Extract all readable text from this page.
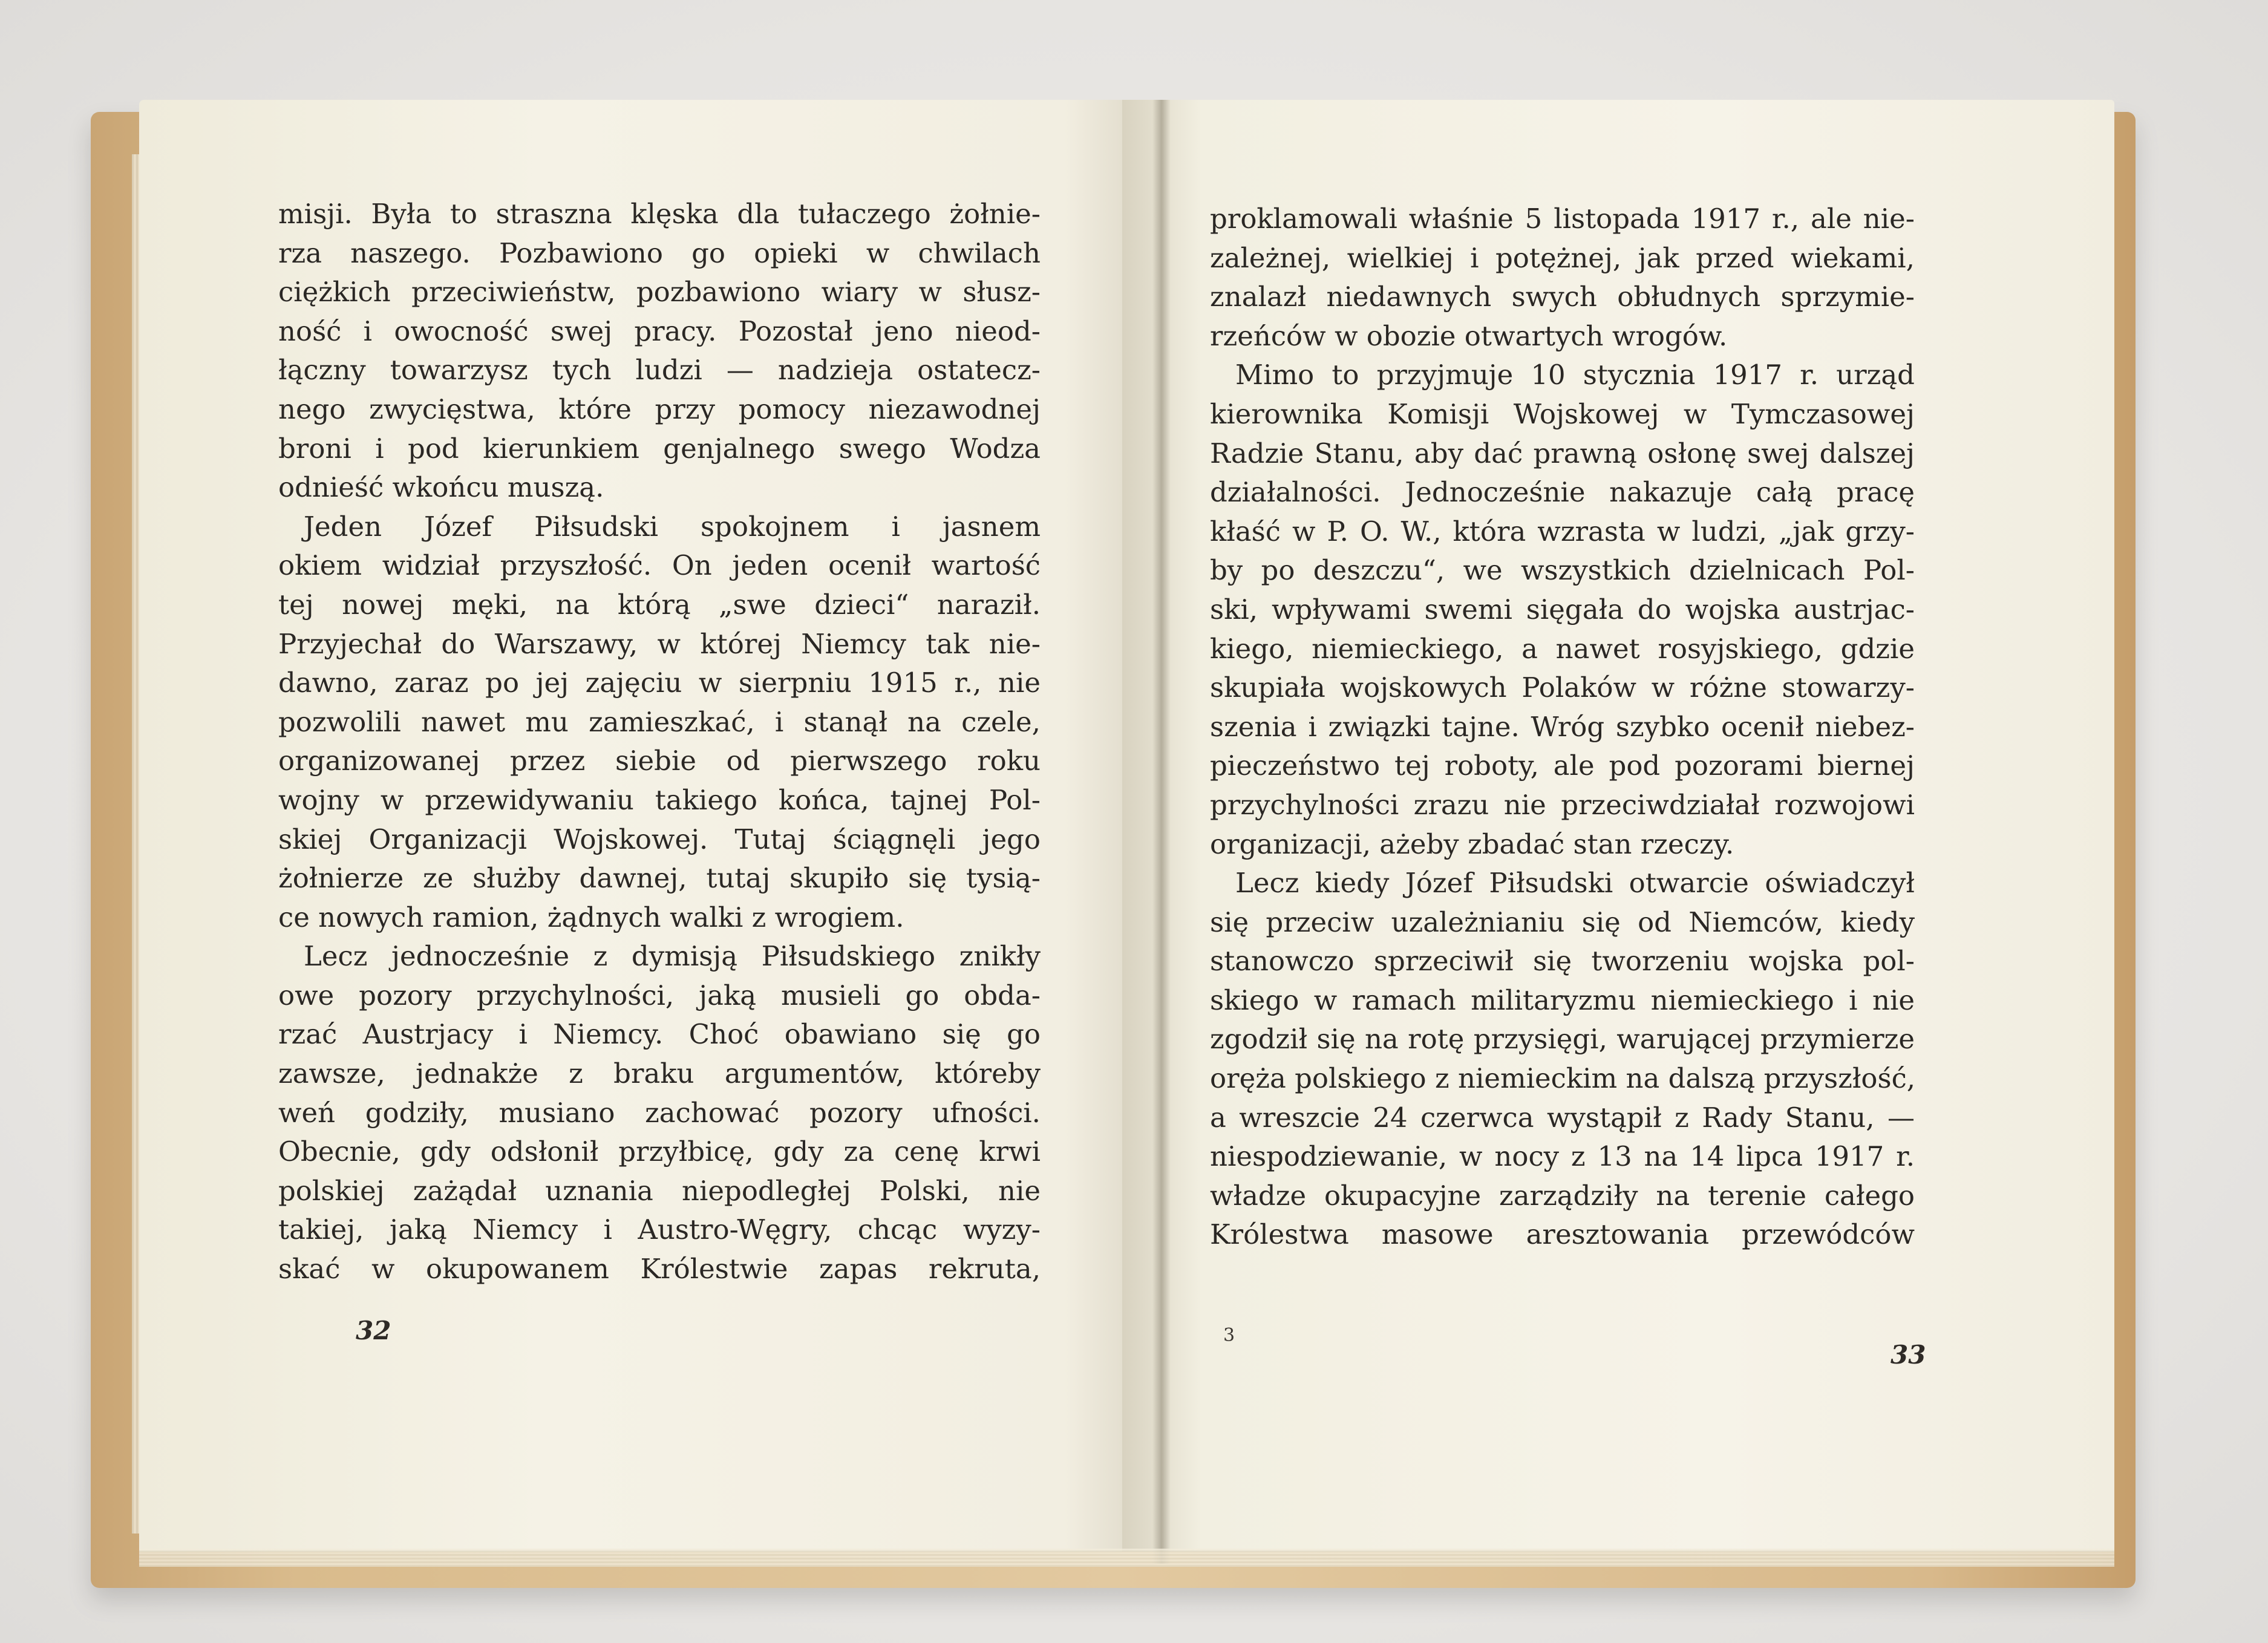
misji. Była to straszna klęska dla tułaczego żołnie-
rza naszego. Pozbawiono go opieki w chwilach
ciężkich przeciwieństw, pozbawiono wiary w słusz-
ność i owocność swej pracy. Pozostał jeno nieod-
łączny towarzysz tych ludzi — nadzieja ostatecz-
nego zwycięstwa, które przy pomocy niezawodnej
broni i pod kierunkiem genjalnego swego Wodza
odnieść wkońcu muszą.
Jeden Józef Piłsudski spokojnem i jasnem
okiem widział przyszłość. On jeden ocenił wartość
tej nowej męki, na którą „swe dzieci“ naraził.
Przyjechał do Warszawy, w której Niemcy tak nie-
dawno, zaraz po jej zajęciu w sierpniu 1915 r., nie
pozwolili nawet mu zamieszkać, i stanął na czele,
organizowanej przez siebie od pierwszego roku
wojny w przewidywaniu takiego końca, tajnej Pol-
skiej Organizacji Wojskowej. Tutaj ściągnęli jego
żołnierze ze służby dawnej, tutaj skupiło się tysią-
ce nowych ramion, żądnych walki z wrogiem.
Lecz jednocześnie z dymisją Piłsudskiego znikły
owe pozory przychylności, jaką musieli go obda-
rzać Austrjacy i Niemcy. Choć obawiano się go
zawsze, jednakże z braku argumentów, któreby
weń godziły, musiano zachować pozory ufności.
Obecnie, gdy odsłonił przyłbicę, gdy za cenę krwi
polskiej zażądał uznania niepodległej Polski, nie
takiej, jaką Niemcy i Austro-Węgry, chcąc wyzy-
skać w okupowanem Królestwie zapas rekruta,
32
proklamowali właśnie 5 listopada 1917 r., ale nie-
zależnej, wielkiej i potężnej, jak przed wiekami,
znalazł niedawnych swych obłudnych sprzymie-
rzeńców w obozie otwartych wrogów.
Mimo to przyjmuje 10 stycznia 1917 r. urząd
kierownika Komisji Wojskowej w Tymczasowej
Radzie Stanu, aby dać prawną osłonę swej dalszej
działalności. Jednocześnie nakazuje całą pracę
kłaść w P. O. W., która wzrasta w ludzi, „jak grzy-
by po deszczu“, we wszystkich dzielnicach Pol-
ski, wpływami swemi sięgała do wojska austrjac-
kiego, niemieckiego, a nawet rosyjskiego, gdzie
skupiała wojskowych Polaków w różne stowarzy-
szenia i związki tajne. Wróg szybko ocenił niebez-
pieczeństwo tej roboty, ale pod pozorami biernej
przychylności zrazu nie przeciwdziałał rozwojowi
organizacji, ażeby zbadać stan rzeczy.
Lecz kiedy Józef Piłsudski otwarcie oświadczył
się przeciw uzależnianiu się od Niemców, kiedy
stanowczo sprzeciwił się tworzeniu wojska pol-
skiego w ramach militaryzmu niemieckiego i nie
zgodził się na rotę przysięgi, warującej przymierze
oręża polskiego z niemieckim na dalszą przyszłość,
a wreszcie 24 czerwca wystąpił z Rady Stanu, —
niespodziewanie, w nocy z 13 na 14 lipca 1917 r.
władze okupacyjne zarządziły na terenie całego
Królestwa masowe aresztowania przewódców
3
33
